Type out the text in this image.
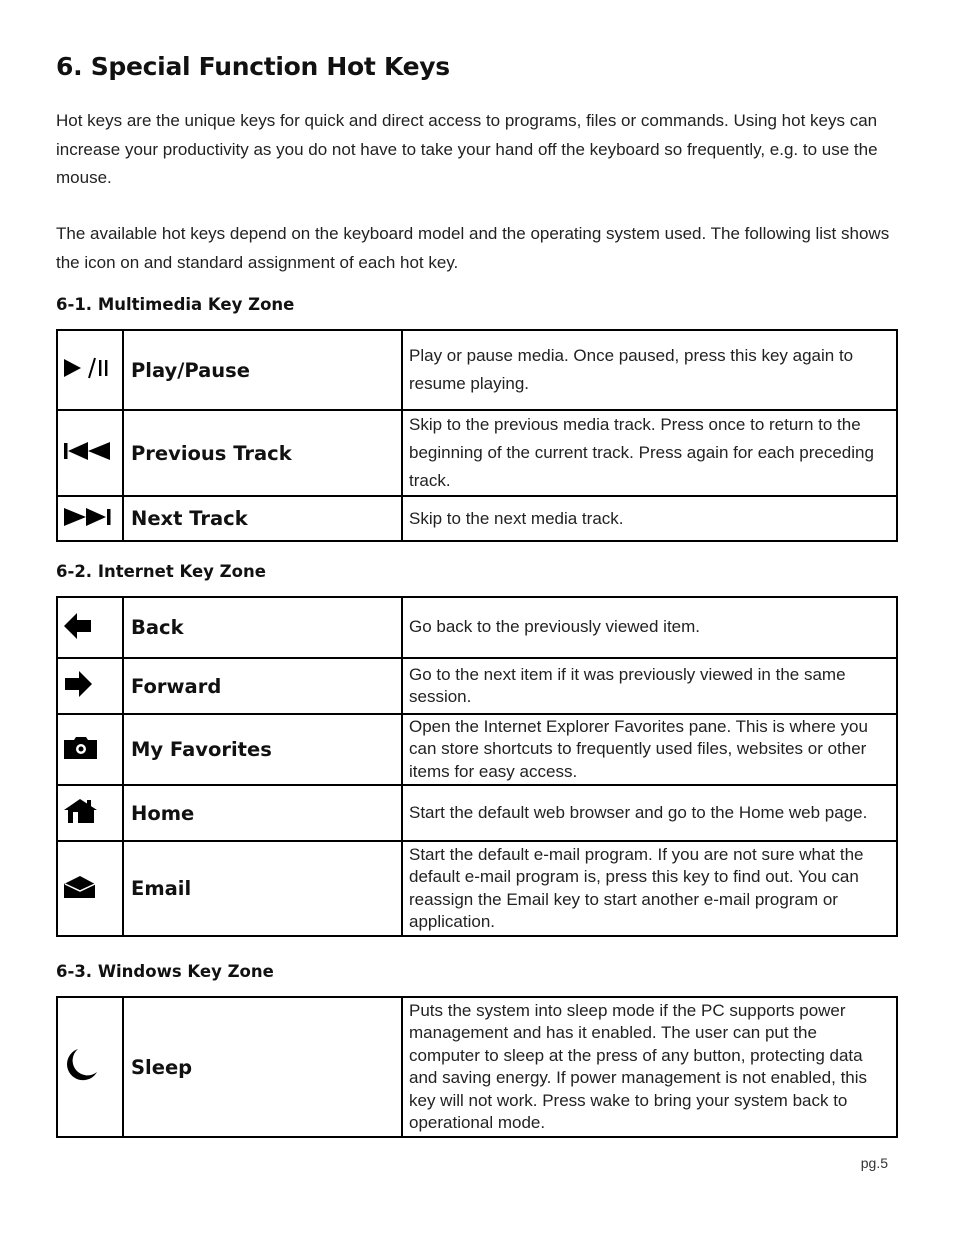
6. Special Function Hot Keys

Hot keys are the unique keys for quick and direct access to programs, files or commands. Using hot keys can increase your productivity as you do not have to take your hand off the keyboard so frequently, e.g. to use the mouse.

The available hot keys depend on the keyboard model and the operating system used. The following list shows the icon on and standard assignment of each hot key.

6-1. Multimedia Key Zone
	Play/Pause	Play or pause media. Once paused, press this key again to resume playing.
	Previous Track	Skip to the previous media track. Press once to return to the beginning of the current track. Press again for each preceding track.
	Next Track	Skip to the next media track.
6-2. Internet Key Zone
	Back	Go back to the previously viewed item.
	Forward	Go to the next item if it was previously viewed in the same session.
	My Favorites	Open the Internet Explorer Favorites pane. This is where you can store shortcuts to frequently used files, websites or other items for easy access.
	Home	Start the default web browser and go to the Home web page.
	Email	Start the default e-mail program. If you are not sure what the default e-mail program is, press this key to find out. You can reassign the Email key to start another e-mail program or application.
6-3. Windows Key Zone
	Sleep	Puts the system into sleep mode if the PC supports power management and has it enabled. The user can put the computer to sleep at the press of any button, protecting data and saving energy. If power management is not enabled, this key will not work. Press wake to bring your system back to operational mode.
pg.5
